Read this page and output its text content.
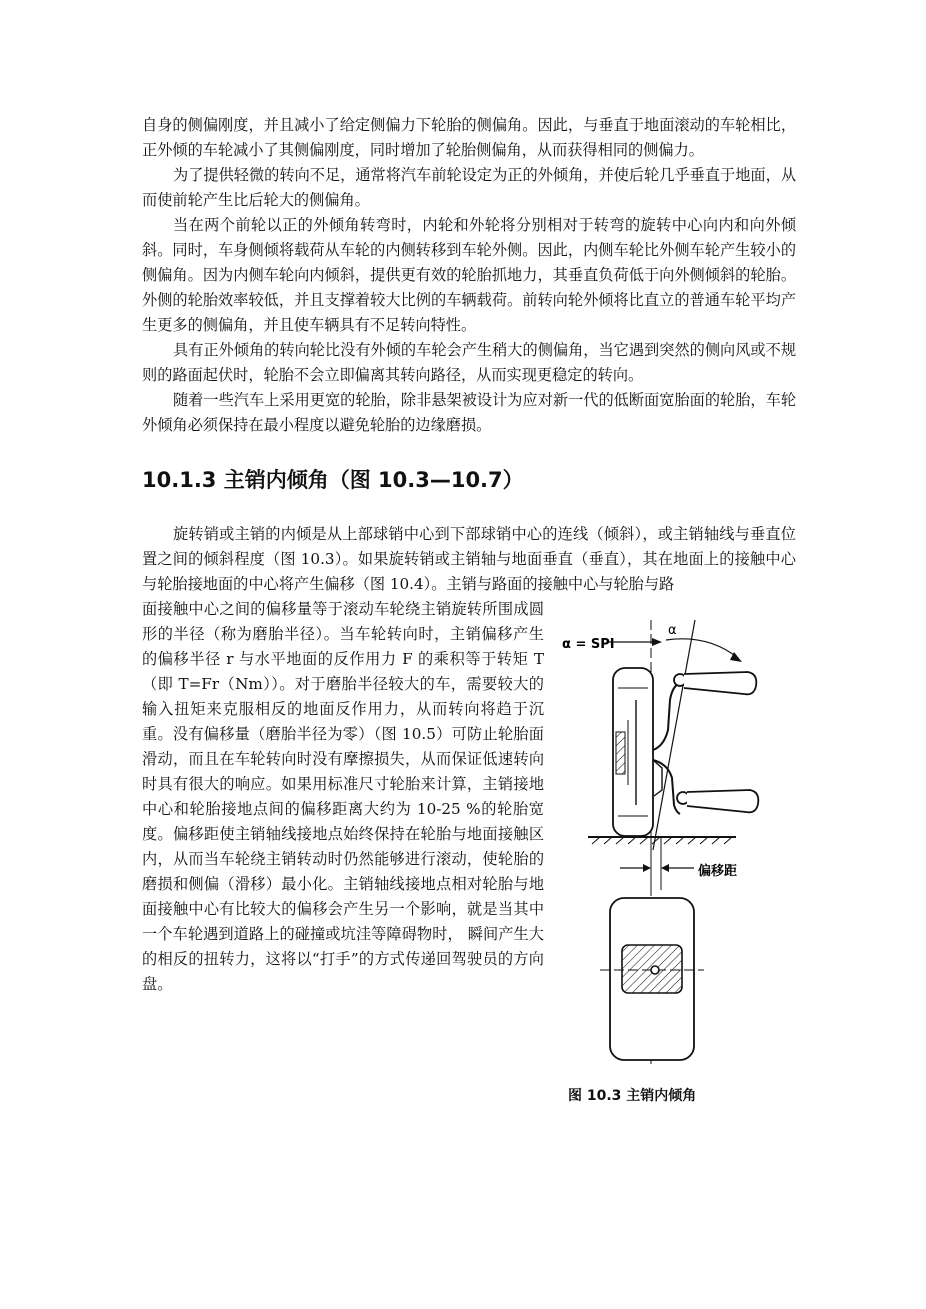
自身的侧偏刚度，并且减小了给定侧偏力下轮胎的侧偏角。因此，与垂直于地面滚动的车轮相比，正外倾的车轮减小了其侧偏刚度，同时增加了轮胎侧偏角，从而获得相同的侧偏力。

为了提供轻微的转向不足，通常将汽车前轮设定为正的外倾角，并使后轮几乎垂直于地面，从而使前轮产生比后轮大的侧偏角。

当在两个前轮以正的外倾角转弯时，内轮和外轮将分别相对于转弯的旋转中心向内和向外倾斜。同时，车身侧倾将载荷从车轮的内侧转移到车轮外侧。因此，内侧车轮比外侧车轮产生较小的侧偏角。因为内侧车轮向内倾斜，提供更有效的轮胎抓地力，其垂直负荷低于向外侧倾斜的轮胎。外侧的轮胎效率较低，并且支撑着较大比例的车辆载荷。前转向轮外倾将比直立的普通车轮平均产生更多的侧偏角，并且使车辆具有不足转向特性。

具有正外倾角的转向轮比没有外倾的车轮会产生稍大的侧偏角，当它遇到突然的侧向风或不规则的路面起伏时，轮胎不会立即偏离其转向路径，从而实现更稳定的转向。

随着一些汽车上采用更宽的轮胎，除非悬架被设计为应对新一代的低断面宽胎面的轮胎，车轮外倾角必须保持在最小程度以避免轮胎的边缘磨损。

10.1.3 主销内倾角（图 10.3—10.7）

旋转销或主销的内倾是从上部球销中心到下部球销中心的连线（倾斜），或主销轴线与垂直位置之间的倾斜程度（图 10.3）。如果旋转销或主销轴与地面垂直（垂直），其在地面上的接触中心与轮胎接地面的中心将产生偏移（图 10.4）。主销与路面的接触中心与轮胎与路

面接触中心之间的偏移量等于滚动车轮绕主销旋转所围成圆形的半径（称为磨胎半径）。当车轮转向时，主销偏移产生的偏移半径 r 与水平地面的反作用力 F 的乘积等于转矩 T（即 T=Fr（Nm））。对于磨胎半径较大的车，需要较大的输入扭矩来克服相反的地面反作用力，从而转向将趋于沉重。没有偏移量（磨胎半径为零）（图 10.5）可防止轮胎面滑动，而且在车轮转向时没有摩擦损失，从而保证低速转向时具有很大的响应。如果用标准尺寸轮胎来计算，主销接地中心和轮胎接地点间的偏移距离大约为 10-25 %的轮胎宽度。偏移距使主销轴线接地点始终保持在轮胎与地面接触区内，从而当车轮绕主销转动时仍然能够进行滚动，使轮胎的磨损和侧偏（滑移）最小化。主销轴线接地点相对轮胎与地面接触中心有比较大的偏移会产生另一个影响，就是当其中一个车轮遇到道路上的碰撞或坑洼等障碍物时， 瞬间产生大的相反的扭转力，这将以“打手”的方式传递回驾驶员的方向盘。

α = SPI
α
偏移距

图 10.3 主销内倾角
